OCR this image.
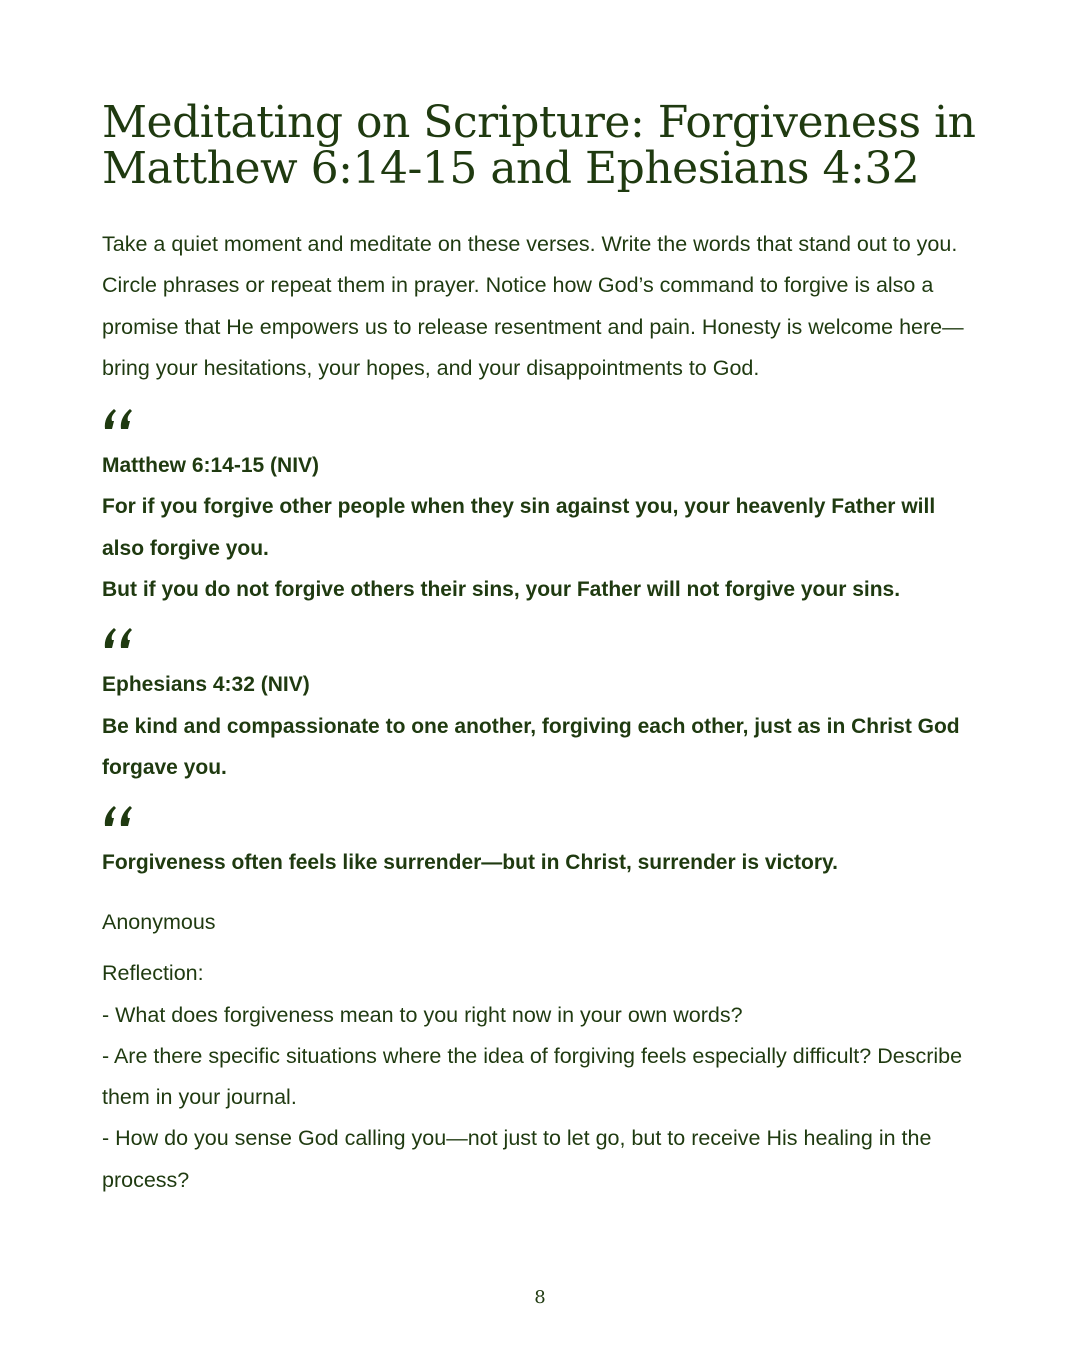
Meditating on Scripture: Forgiveness in
Matthew 6:14-15 and Ephesians 4:32

Take a quiet moment and meditate on these verses. Write the words that stand out to you. Circle phrases or repeat them in prayer. Notice how God’s command to forgive is also a promise that He empowers us to release resentment and pain. Honesty is welcome here—bring your hesitations, your hopes, and your disappointments to God.

Matthew 6:14-15 (NIV)

For if you forgive other people when they sin against you, your heavenly Father will also forgive you.

But if you do not forgive others their sins, your Father will not forgive your sins.

Ephesians 4:32 (NIV)

Be kind and compassionate to one another, forgiving each other, just as in Christ God forgave you.

Forgiveness often feels like surrender—but in Christ, surrender is victory.

Anonymous

Reflection:

- What does forgiveness mean to you right now in your own words?

- Are there specific situations where the idea of forgiving feels especially difficult? Describe them in your journal.

- How do you sense God calling you—not just to let go, but to receive His healing in the process?

8
